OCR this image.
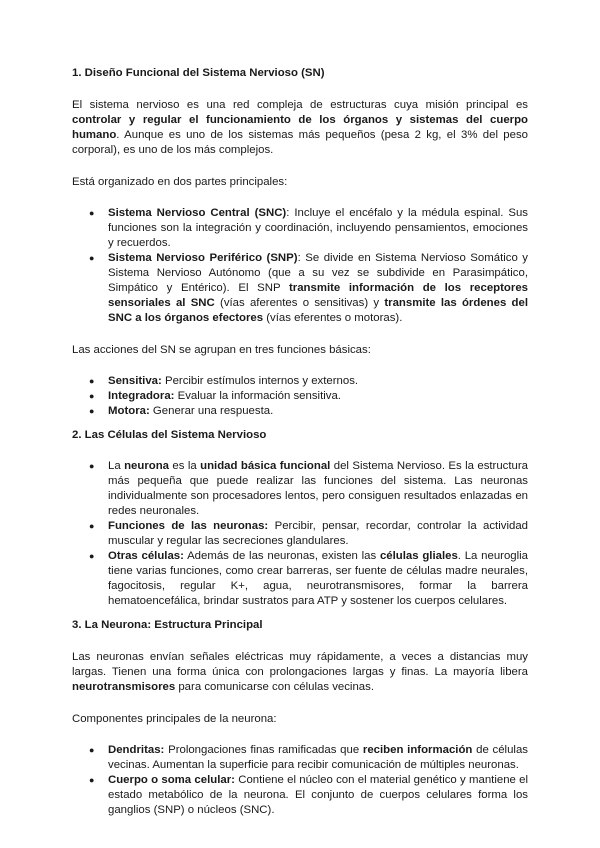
1. Diseño Funcional del Sistema Nervioso (SN)

El sistema nervioso es una red compleja de estructuras cuya misión principal es controlar y regular el funcionamiento de los órganos y sistemas del cuerpo humano. Aunque es uno de los sistemas más pequeños (pesa 2 kg, el 3% del peso corporal), es uno de los más complejos.

Está organizado en dos partes principales:

● Sistema Nervioso Central (SNC): Incluye el encéfalo y la médula espinal. Sus funciones son la integración y coordinación, incluyendo pensamientos, emociones y recuerdos.
● Sistema Nervioso Periférico (SNP): Se divide en Sistema Nervioso Somático y Sistema Nervioso Autónomo (que a su vez se subdivide en Parasimpático, Simpático y Entérico). El SNP transmite información de los receptores sensoriales al SNC (vías aferentes o sensitivas) y transmite las órdenes del SNC a los órganos efectores (vías eferentes o motoras).

Las acciones del SN se agrupan en tres funciones básicas:

● Sensitiva: Percibir estímulos internos y externos.
● Integradora: Evaluar la información sensitiva.
● Motora: Generar una respuesta.
2. Las Células del Sistema Nervioso
● La neurona es la unidad básica funcional del Sistema Nervioso. Es la estructura más pequeña que puede realizar las funciones del sistema. Las neuronas individualmente son procesadores lentos, pero consiguen resultados enlazadas en redes neuronales.
● Funciones de las neuronas: Percibir, pensar, recordar, controlar la actividad muscular y regular las secreciones glandulares.
● Otras células: Además de las neuronas, existen las células gliales. La neuroglia tiene varias funciones, como crear barreras, ser fuente de células madre neurales, fagocitosis, regular K+, agua, neurotransmisores, formar la barrera hematoencefálica, brindar sustratos para ATP y sostener los cuerpos celulares.
3. La Neurona: Estructura Principal

Las neuronas envían señales eléctricas muy rápidamente, a veces a distancias muy largas. Tienen una forma única con prolongaciones largas y finas. La mayoría libera neurotransmisores para comunicarse con células vecinas.

Componentes principales de la neurona:

● Dendritas: Prolongaciones finas ramificadas que reciben información de células vecinas. Aumentan la superficie para recibir comunicación de múltiples neuronas.
● Cuerpo o soma celular: Contiene el núcleo con el material genético y mantiene el estado metabólico de la neurona. El conjunto de cuerpos celulares forma los ganglios (SNP) o núcleos (SNC).
